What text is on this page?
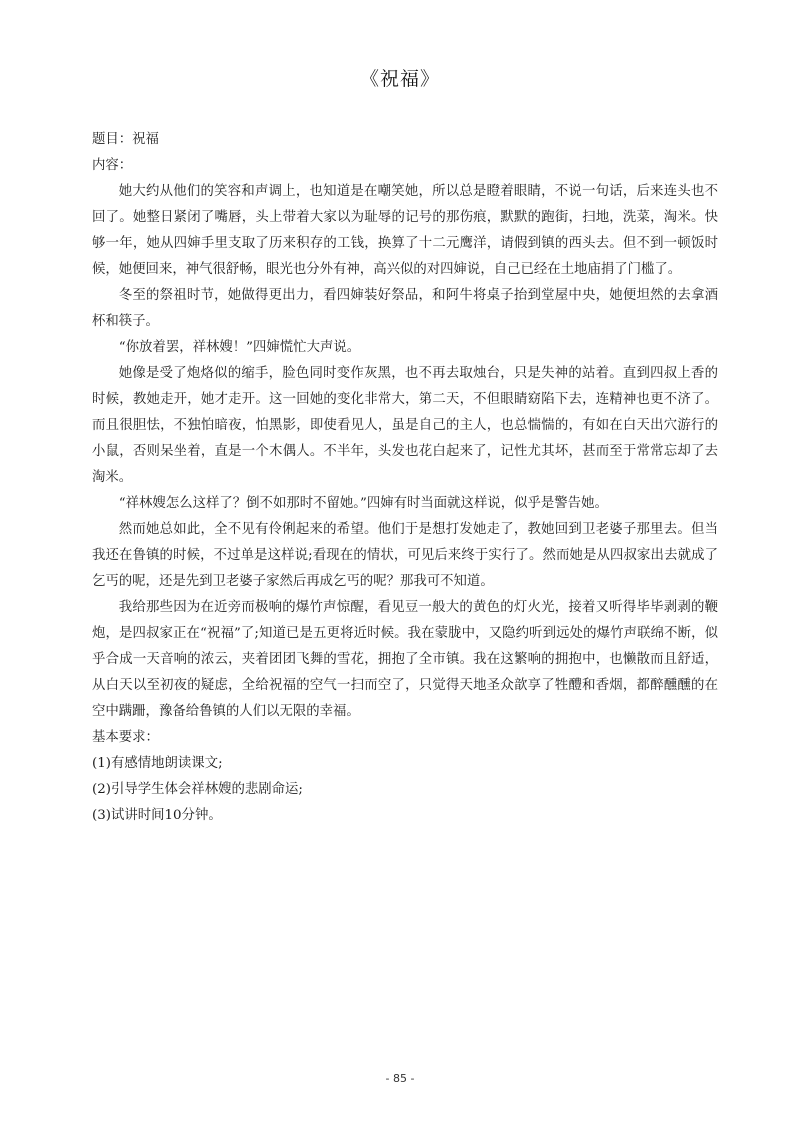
《祝福》

题目：祝福

内容：

她大约从他们的笑容和声调上，也知道是在嘲笑她，所以总是瞪着眼睛，不说一句话，后来连头也不回了。她整日紧闭了嘴唇，头上带着大家以为耻辱的记号的那伤痕，默默的跑街，扫地，洗菜，淘米。快够一年，她从四婶手里支取了历来积存的工钱，换算了十二元鹰洋，请假到镇的西头去。但不到一顿饭时候，她便回来，神气很舒畅，眼光也分外有神，高兴似的对四婶说，自己已经在土地庙捐了门槛了。

冬至的祭祖时节，她做得更出力，看四婶装好祭品，和阿牛将桌子抬到堂屋中央，她便坦然的去拿酒杯和筷子。

“你放着罢，祥林嫂！”四婶慌忙大声说。

她像是受了炮烙似的缩手，脸色同时变作灰黑，也不再去取烛台，只是失神的站着。直到四叔上香的时候，教她走开，她才走开。这一回她的变化非常大，第二天，不但眼睛窈陷下去，连精神也更不济了。而且很胆怯，不独怕暗夜，怕黑影，即使看见人，虽是自己的主人，也总惴惴的，有如在白天出穴游行的小鼠，否则呆坐着，直是一个木偶人。不半年，头发也花白起来了，记性尤其坏，甚而至于常常忘却了去淘米。

“祥林嫂怎么这样了？倒不如那时不留她。”四婶有时当面就这样说，似乎是警告她。

然而她总如此，全不见有伶俐起来的希望。他们于是想打发她走了，教她回到卫老婆子那里去。但当我还在鲁镇的时候，不过单是这样说;看现在的情状，可见后来终于实行了。然而她是从四叔家出去就成了乞丐的呢，还是先到卫老婆子家然后再成乞丐的呢？那我可不知道。

我给那些因为在近旁而极响的爆竹声惊醒，看见豆一般大的黄色的灯火光，接着又听得毕毕剥剥的鞭炮，是四叔家正在“祝福”了;知道已是五更将近时候。我在蒙胧中，又隐约听到远处的爆竹声联绵不断，似乎合成一天音响的浓云，夹着团团飞舞的雪花，拥抱了全市镇。我在这繁响的拥抱中，也懒散而且舒适，从白天以至初夜的疑虑，全给祝福的空气一扫而空了，只觉得天地圣众歆享了牲醴和香烟，都醉醺醺的在空中蹒跚，豫备给鲁镇的人们以无限的幸福。

基本要求：

(1)有感情地朗读课文;

(2)引导学生体会祥林嫂的悲剧命运;

(3)试讲时间10分钟。

- 85 -
